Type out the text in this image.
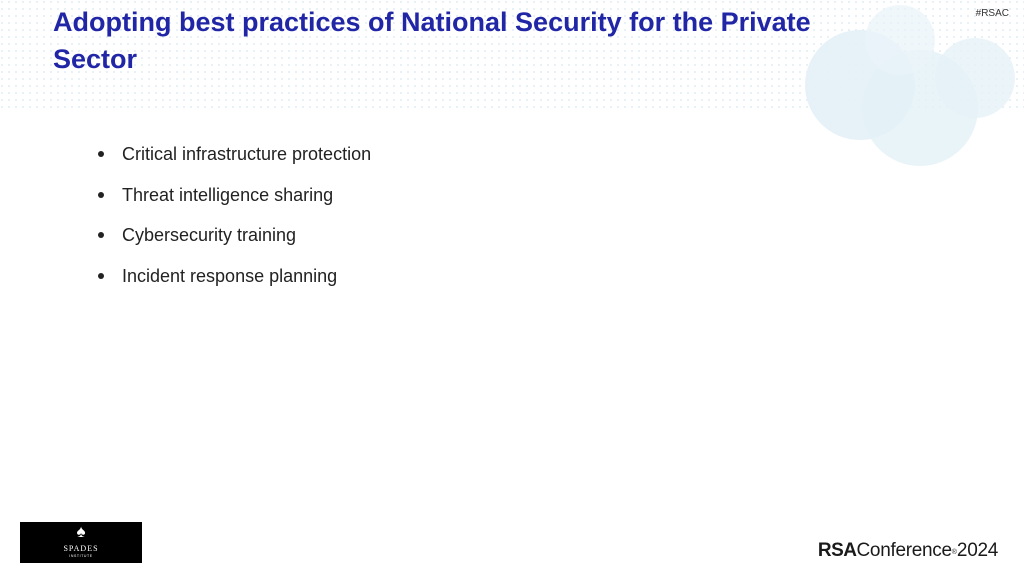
Adopting best practices of National Security for the Private Sector
#RSAC
Critical infrastructure protection
Threat intelligence sharing
Cybersecurity training
Incident response planning
♠
SPADES
INSTITUTE	RSAConference®2024
